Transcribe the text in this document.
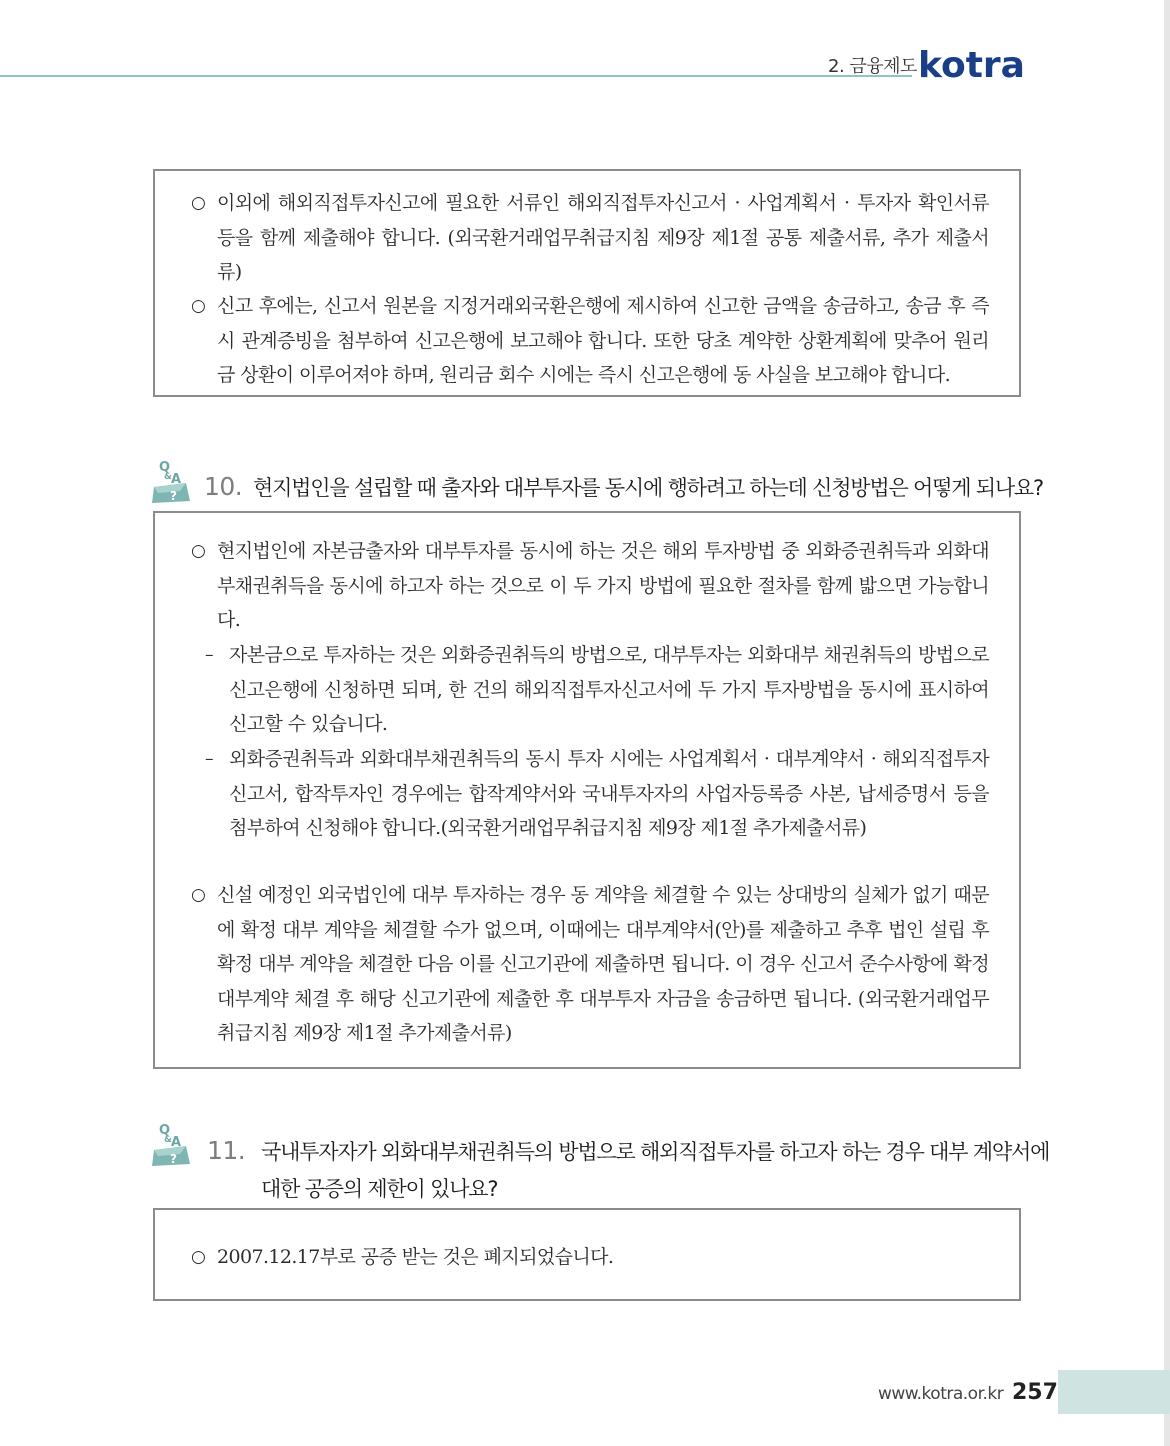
2. 금융제도 kotra
○ 이외에 해외직접투자신고에 필요한 서류인 해외직접투자신고서 · 사업계획서 · 투자자 확인서류 등을 함께 제출해야 합니다. (외국환거래업무취급지침 제9장 제1절 공통 제출서류, 추가 제출서류)
○ 신고 후에는, 신고서 원본을 지정거래외국환은행에 제시하여 신고한 금액을 송금하고, 송금 후 즉시 관계증빙을 첨부하여 신고은행에 보고해야 합니다. 또한 당초 계약한 상환계획에 맞추어 원리금 상환이 이루어져야 하며, 원리금 회수 시에는 즉시 신고은행에 동 사실을 보고해야 합니다.
?
Q
& A 10. 현지법인을 설립할 때 출자와 대부투자를 동시에 행하려고 하는데 신청방법은 어떻게 되나요?
○ 현지법인에 자본금출자와 대부투자를 동시에 하는 것은 해외 투자방법 중 외화증권취득과 외화대부채권취득을 동시에 하고자 하는 것으로 이 두 가지 방법에 필요한 절차를 함께 밟으면 가능합니다.
– 자본금으로 투자하는 것은 외화증권취득의 방법으로, 대부투자는 외화대부 채권취득의 방법으로 신고은행에 신청하면 되며, 한 건의 해외직접투자신고서에 두 가지 투자방법을 동시에 표시하여 신고할 수 있습니다.
– 외화증권취득과 외화대부채권취득의 동시 투자 시에는 사업계획서 · 대부계약서 · 해외직접투자신고서, 합작투자인 경우에는 합작계약서와 국내투자자의 사업자등록증 사본, 납세증명서 등을 첨부하여 신청해야 합니다.(외국환거래업무취급지침 제9장 제1절 추가제출서류)
○ 신설 예정인 외국법인에 대부 투자하는 경우 동 계약을 체결할 수 있는 상대방의 실체가 없기 때문에 확정 대부 계약을 체결할 수가 없으며, 이때에는 대부계약서(안)를 제출하고 추후 법인 설립 후 확정 대부 계약을 체결한 다음 이를 신고기관에 제출하면 됩니다. 이 경우 신고서 준수사항에 확정 대부계약 체결 후 해당 신고기관에 제출한 후 대부투자 자금을 송금하면 됩니다. (외국환거래업무취급지침 제9장 제1절 추가제출서류)
?
Q
& A 11. 국내투자자가 외화대부채권취득의 방법으로 해외직접투자를 하고자 하는 경우 대부 계약서에
대한 공증의 제한이 있나요?
○ 2007.12.17부로 공증 받는 것은 폐지되었습니다.
www.kotra.or.kr 257
